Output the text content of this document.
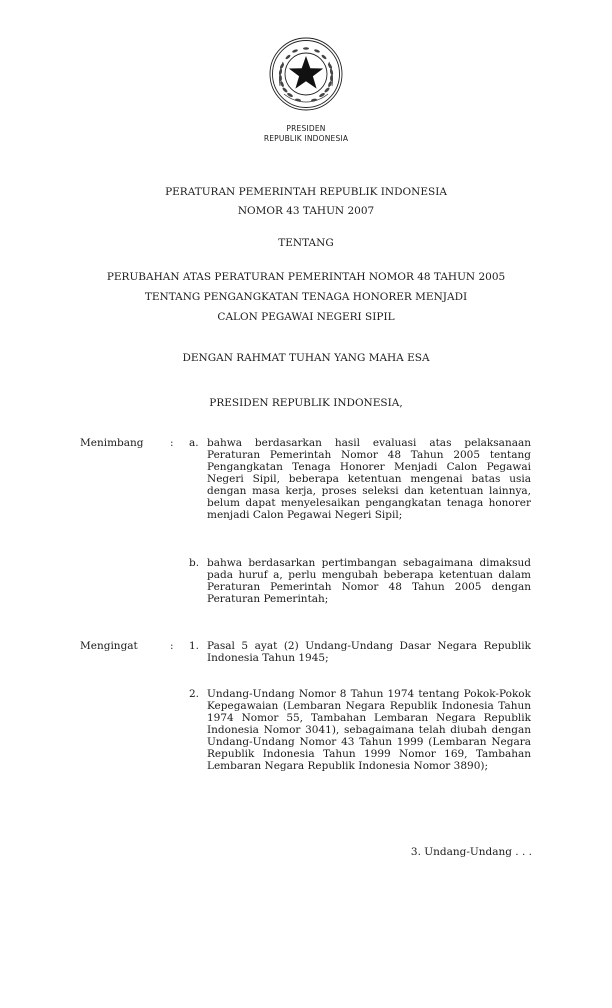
PRESIDEN
REPUBLIK INDONESIA
PERATURAN PEMERINTAH REPUBLIK INDONESIA
NOMOR 43 TAHUN 2007
TENTANG
PERUBAHAN ATAS PERATURAN PEMERINTAH NOMOR 48 TAHUN 2005
TENTANG PENGANGKATAN TENAGA HONORER MENJADI
CALON PEGAWAI NEGERI SIPIL
DENGAN RAHMAT TUHAN YANG MAHA ESA
PRESIDEN REPUBLIK INDONESIA,
Menimbang	: a. bahwa berdasarkan hasil evaluasi atas pelaksanaan Peraturan Pemerintah Nomor 48 Tahun 2005 tentang Pengangkatan Tenaga Honorer Menjadi Calon Pegawai Negeri Sipil, beberapa ketentuan mengenai batas usia dengan masa kerja, proses seleksi dan ketentuan lainnya, belum dapat menyelesaikan pengangkatan tenaga honorer menjadi Calon Pegawai Negeri Sipil;
b. bahwa berdasarkan pertimbangan sebagaimana dimaksud pada huruf a, perlu mengubah beberapa ketentuan dalam Peraturan Pemerintah Nomor 48 Tahun 2005 dengan Peraturan Pemerintah;
Mengingat	: 1. Pasal 5 ayat (2) Undang-Undang Dasar Negara Republik Indonesia Tahun 1945;
2. Undang-Undang Nomor 8 Tahun 1974 tentang Pokok-Pokok Kepegawaian (Lembaran Negara Republik Indonesia Tahun 1974 Nomor 55, Tambahan Lembaran Negara Republik Indonesia Nomor 3041), sebagaimana telah diubah dengan Undang-Undang Nomor 43 Tahun 1999 (Lembaran Negara Republik Indonesia Tahun 1999 Nomor 169, Tambahan Lembaran Negara Republik Indonesia Nomor 3890);
3. Undang-Undang . . .
